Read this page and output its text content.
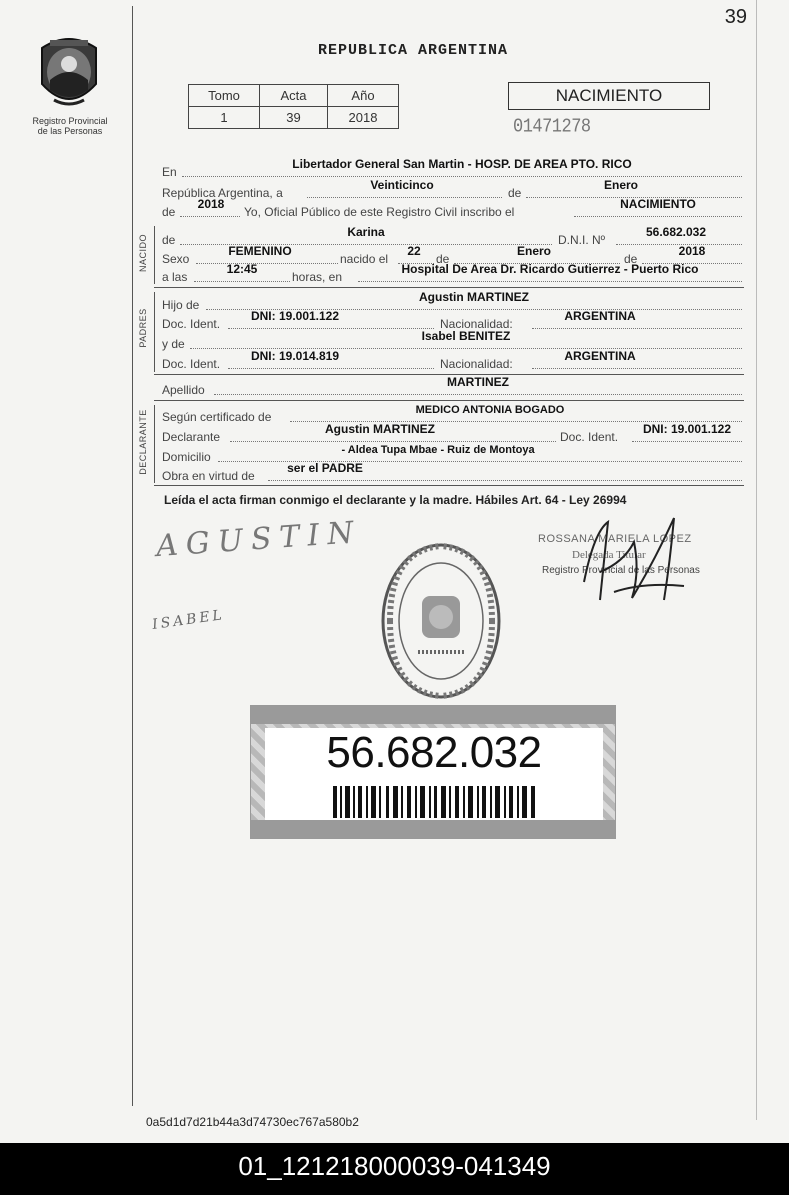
39
Registro Provincial
de las Personas
REPUBLICA ARGENTINA
Tomo	Acta	Año
1	39	2018
NACIMIENTO
01471278
En
Libertador General San Martin - HOSP. DE AREA PTO. RICO
República Argentina, a
Veinticinco
de
Enero
de
2018
Yo, Oficial Público de este Registro Civil inscribo el
NACIMIENTO
NACIDO de
Karina
D.N.I. Nº
56.682.032
Sexo
FEMENINO
nacido el
22
de
Enero
de
2018
a las
12:45
horas, en
Hospital De Area Dr. Ricardo Gutierrez - Puerto Rico
PADRES
Hijo de
Agustin MARTINEZ
Doc. Ident.
DNI: 19.001.122
Nacionalidad:
ARGENTINA
y de
Isabel BENITEZ
Doc. Ident.
DNI: 19.014.819
Nacionalidad:
ARGENTINA
Apellido
MARTINEZ
DECLARANTE Según certificado de	MEDICO ANTONIA BOGADO
Declarante
Agustin MARTINEZ
Doc. Ident.
DNI: 19.001.122
Domicilio	- Aldea Tupa Mbae - Ruiz de Montoya
Obra en virtud de
ser el PADRE
Leída el acta firman conmigo el declarante y la madre. Hábiles Art. 64 - Ley 26994
AGUSTIN
ISABEL
ROSSANA MARIELA LOPEZ
Delegada Titular
Registro Provincial de las Personas
56.682.032
0a5d1d7d21b44a3d74730ec767a580b2
01_121218000039-041349
